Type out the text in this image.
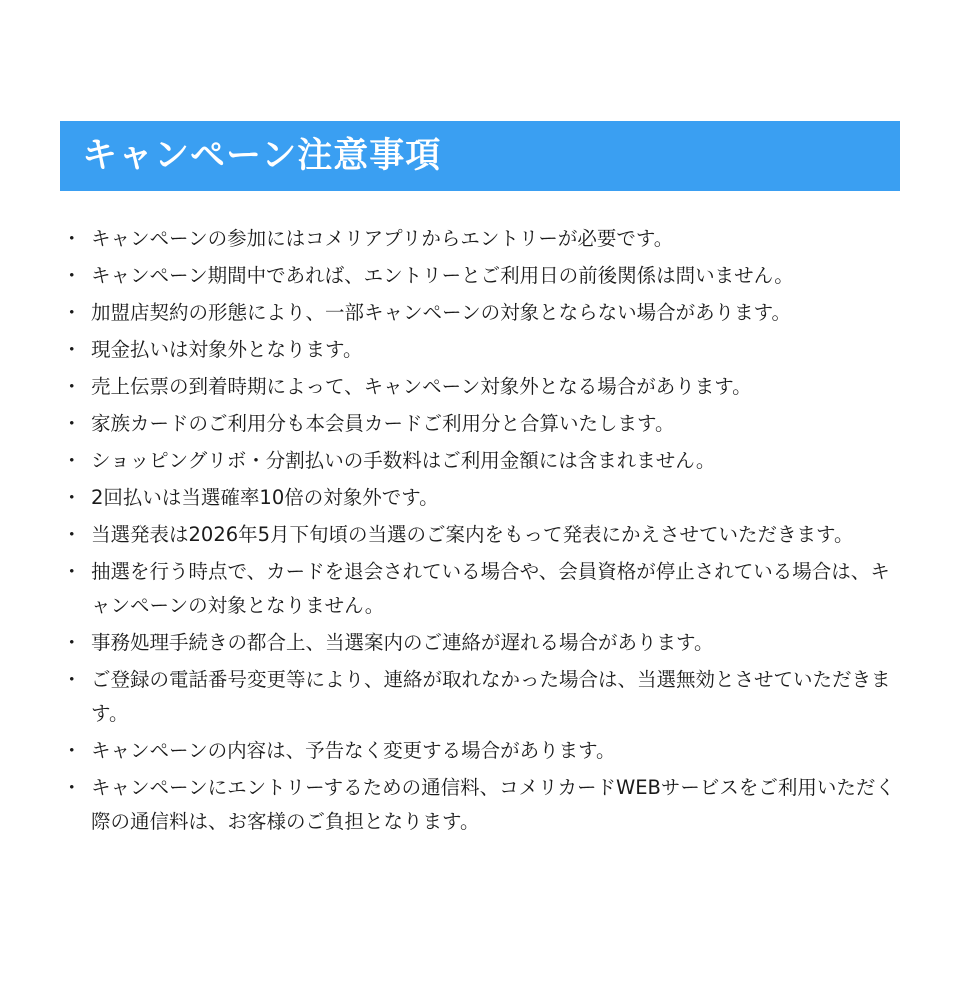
キャンペーン注意事項
・ キャンペーンの参加にはコメリアプリからエントリーが必要です。
・ キャンペーン期間中であれば、エントリーとご利用日の前後関係は問いません。
・ 加盟店契約の形態により、一部キャンペーンの対象とならない場合があります。
・ 現金払いは対象外となります。
・ 売上伝票の到着時期によって、キャンペーン対象外となる場合があります。
・ 家族カードのご利用分も本会員カードご利用分と合算いたします。
・ ショッピングリボ・分割払いの手数料はご利用金額には含まれません。
・ 2回払いは当選確率10倍の対象外です。
・ 当選発表は2026年5月下旬頃の当選のご案内をもって発表にかえさせていただきます。
・ 抽選を行う時点で、カードを退会されている場合や、会員資格が停止されている場合は、キャンペーンの対象となりません。
・ 事務処理手続きの都合上、当選案内のご連絡が遅れる場合があります。
・ ご登録の電話番号変更等により、連絡が取れなかった場合は、当選無効とさせていただきます。
・ キャンペーンの内容は、予告なく変更する場合があります。
・ キャンペーンにエントリーするための通信料、コメリカードWEBサービスをご利用いただく際の通信料は、お客様のご負担となります。
